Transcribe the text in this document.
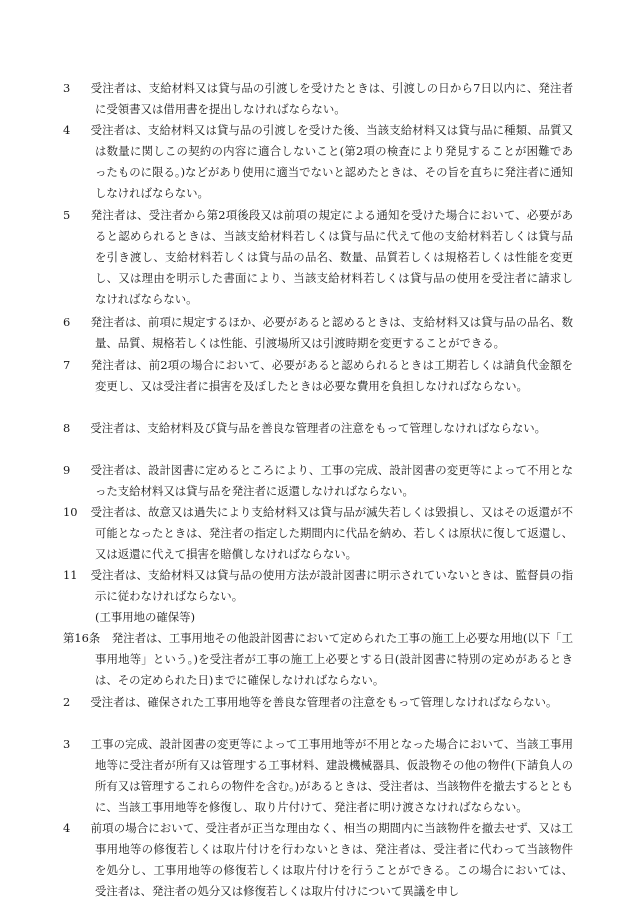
3　 受注者は、支給材料又は貸与品の引渡しを受けたときは、引渡しの日から7日以内に、発注者に受領書又は借用書を提出しなければならない。

4　 受注者は、支給材料又は貸与品の引渡しを受けた後、当該支給材料又は貸与品に種類、品質又は数量に関しこの契約の内容に適合しないこと(第2項の検査により発見することが困難であったものに限る。)などがあり使用に適当でないと認めたときは、その旨を直ちに発注者に通知しなければならない。

5　 発注者は、受注者から第2項後段又は前項の規定による通知を受けた場合において、必要があると認められるときは、当該支給材料若しくは貸与品に代えて他の支給材料若しくは貸与品を引き渡し、支給材料若しくは貸与品の品名、数量、品質若しくは規格若しくは性能を変更し、又は理由を明示した書面により、当該支給材料若しくは貸与品の使用を受注者に請求しなければならない。

6　 発注者は、前項に規定するほか、必要があると認めるときは、支給材料又は貸与品の品名、数量、品質、規格若しくは性能、引渡場所又は引渡時期を変更することができる。

7　 発注者は、前2項の場合において、必要があると認められるときは工期若しくは請負代金額を変更し、又は受注者に損害を及ぼしたときは必要な費用を負担しなければならない。

8　 受注者は、支給材料及び貸与品を善良な管理者の注意をもって管理しなければならない。

9　 受注者は、設計図書に定めるところにより、工事の完成、設計図書の変更等によって不用となった支給材料又は貸与品を発注者に返還しなければならない。

10　 受注者は、故意又は過失により支給材料又は貸与品が滅失若しくは毀損し、又はその返還が不可能となったときは、発注者の指定した期間内に代品を納め、若しくは原状に復して返還し、又は返還に代えて損害を賠償しなければならない。

11　 受注者は、支給材料又は貸与品の使用方法が設計図書に明示されていないときは、監督員の指示に従わなければならない。

(工事用地の確保等)

第16条　 発注者は、工事用地その他設計図書において定められた工事の施工上必要な用地(以下「工事用地等」という。)を受注者が工事の施工上必要とする日(設計図書に特別の定めがあるときは、その定められた日)までに確保しなければならない。

2　 受注者は、確保された工事用地等を善良な管理者の注意をもって管理しなければならない。

3　 工事の完成、設計図書の変更等によって工事用地等が不用となった場合において、当該工事用地等に受注者が所有又は管理する工事材料、建設機械器具、仮設物その他の物件(下請負人の所有又は管理するこれらの物件を含む。)があるときは、受注者は、当該物件を撤去するとともに、当該工事用地等を修復し、取り片付けて、発注者に明け渡さなければならない。

4　 前項の場合において、受注者が正当な理由なく、相当の期間内に当該物件を撤去せず、又は工事用地等の修復若しくは取片付けを行わないときは、発注者は、受注者に代わって当該物件を処分し、工事用地等の修復若しくは取片付けを行うことができる。この場合においては、受注者は、発注者の処分又は修復若しくは取片付けについて異議を申し
